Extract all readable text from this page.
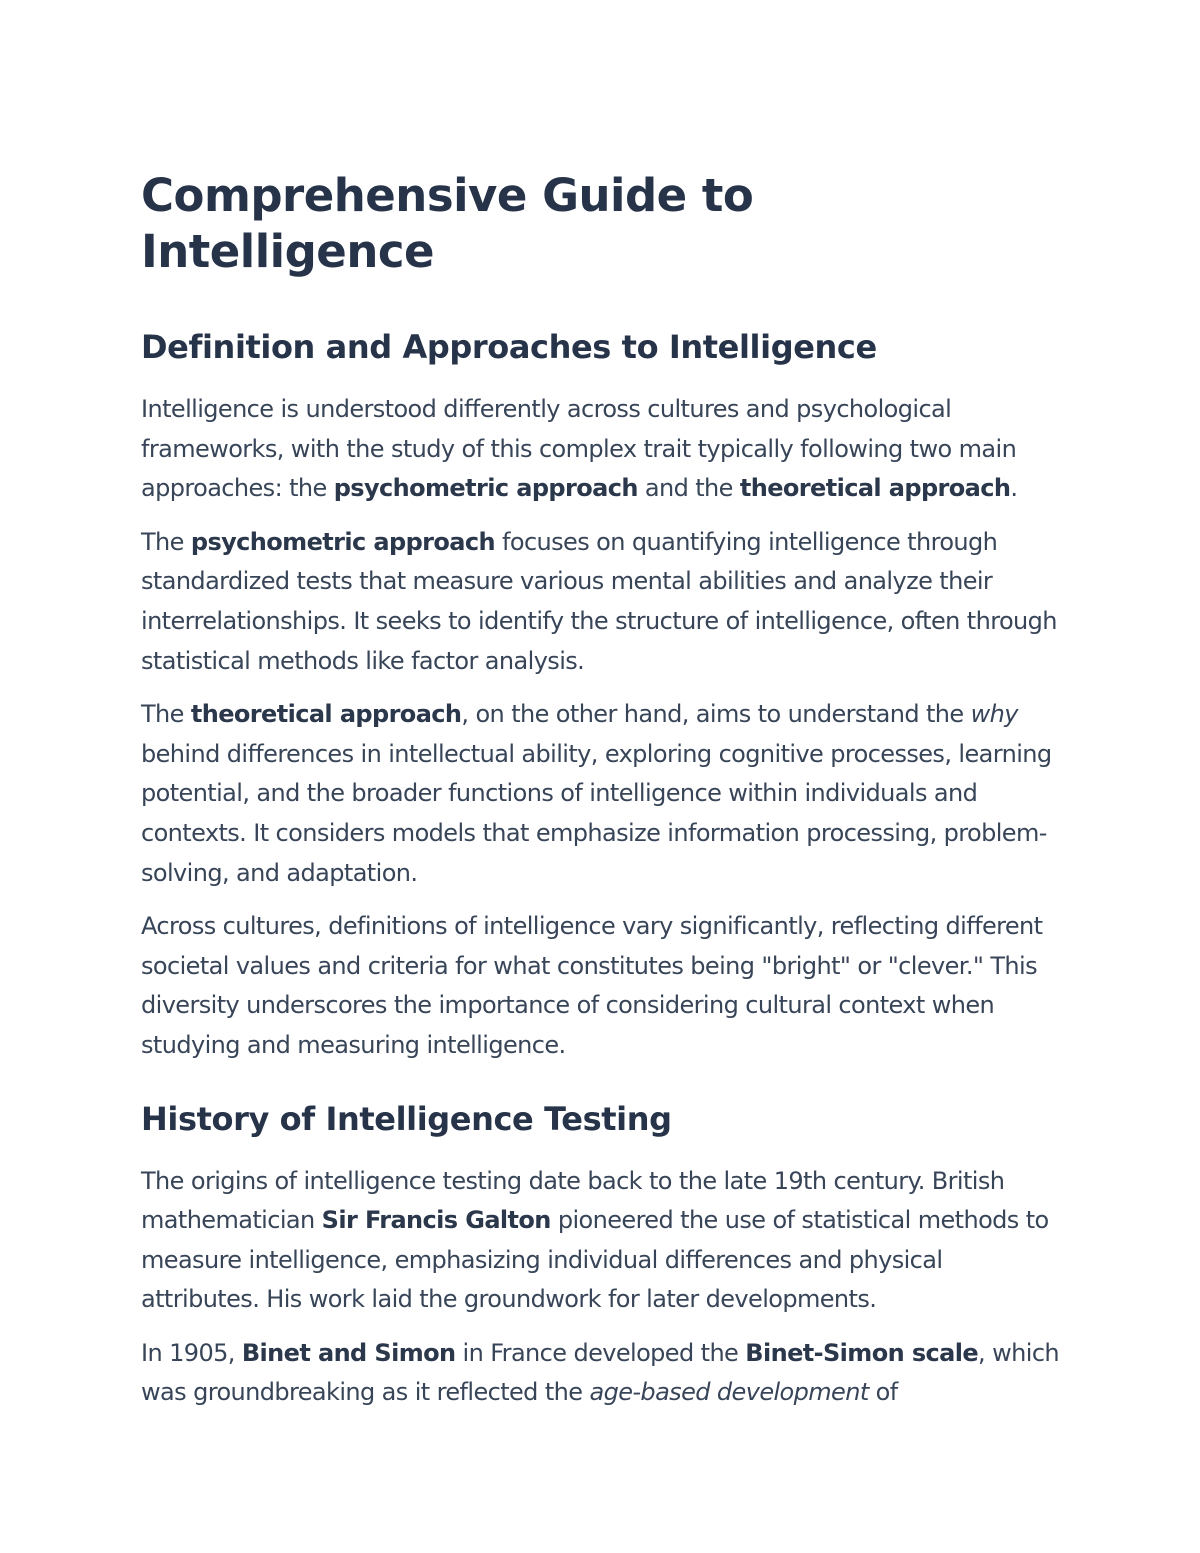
Comprehensive Guide to Intelligence
Definition and Approaches to Intelligence

Intelligence is understood differently across cultures and psychological frameworks, with the study of this complex trait typically following two main approaches: the psychometric approach and the theoretical approach.

The psychometric approach focuses on quantifying intelligence through standardized tests that measure various mental abilities and analyze their interrelationships. It seeks to identify the structure of intelligence, often through statistical methods like factor analysis.

The theoretical approach, on the other hand, aims to understand the why behind differences in intellectual ability, exploring cognitive processes, learning potential, and the broader functions of intelligence within individuals and contexts. It considers models that emphasize information processing, problem-solving, and adaptation.

Across cultures, definitions of intelligence vary significantly, reflecting different societal values and criteria for what constitutes being "bright" or "clever." This diversity underscores the importance of considering cultural context when studying and measuring intelligence.

History of Intelligence Testing

The origins of intelligence testing date back to the late 19th century. British mathematician Sir Francis Galton pioneered the use of statistical methods to measure intelligence, emphasizing individual differences and physical attributes. His work laid the groundwork for later developments.

In 1905, Binet and Simon in France developed the Binet-Simon scale, which was groundbreaking as it reflected the age-based development of
